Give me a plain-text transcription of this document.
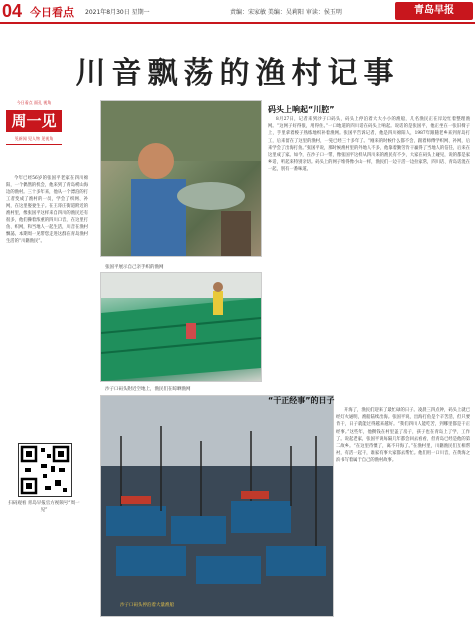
04 今日看点 2021年8月30日 星期一	责编：宋家敏 美编：吴莉阳 审读：侯玉明	青岛早报
川音飘荡的渔村记事
今日看点 面孔 视角
周一见
见新闻 见人物 见视角
今年已经56岁的张国平老家在四川绵阳，一个偶然的机会，他来到了青岛崂山海边的渔村。三十多年来，他从一个漂泊的打工者变成了渔村的一员，学会了织网、补网，在这里娶妻生子。在王哥庄街道附近的渔村里，像张国平这样来自四川的渔民还有很多，他们操着浓重的四川口音，在这里打鱼、织网，和当地人一起生活，川音在渔村飘荡。本期周一见带您走进这群在青岛渔村生活的“川籍渔民”。
扫码观看 青岛早报官方视频号“周一见”
张国平展示自己亲手织的渔网
沙子口码头附近空地上，渔民们在晾晒渔网
码头上响起“川腔”
8月27日，记者来到沙子口码头，码头上停泊着大大小小的渔船，几名渔民正在岸边忙着整理渔网。“这网子好得很，用得住。”一口地道的四川话在码头上响起。说话的是张国平，他正坐在一张旧椅子上，手里拿着梭子熟练地织补着渔网。张国平告诉记者，他是四川绵阳人，1987年跟随老乡来到青岛打工，后来留在了这里的渔村，一晃已经三十多年了。“刚来的时候什么都不会，跟着师傅学织网、补网，后来学会了出海打鱼。”张国平说，那时候渔村里的外地人不多，他靠着勤劳肯干赢得了当地人的信任，后来在这里成了家。如今，在沙子口一带，像张国平这样从四川来的渔民有不少，大家在码头上碰见，说的都是家乡话，听起来特别亲切。码头上的网子堆得像小山一样，渔民们一边干活一边拉家常，四川话、青岛话混在一起，别有一番味道。
沙子口码头停泊着大量渔船
“干正经事”的日子
开海了，渔民们迎来了最忙碌的日子。凌晨三四点钟，码头上就已经灯火通明，渔船陆续出海。张国平说，出海打鱼是个辛苦活，但只要肯干，日子就能过得越来越好。“我们四川人能吃苦，到哪里都是干正经事。”这些年，他攒钱在村里盖了房子，孩子也在青岛上了学、工作了。说起老家，张国平说每隔几年都会回去看看，但青岛已经是他的第二故乡。“在这里待惯了，离不开海了。”在渔村里，川籍渔民们互相帮衬，有活一起干，谁家有事大家都去帮忙。他们用一口川音，在黄海之滨书写着属于自己的渔村故事。
